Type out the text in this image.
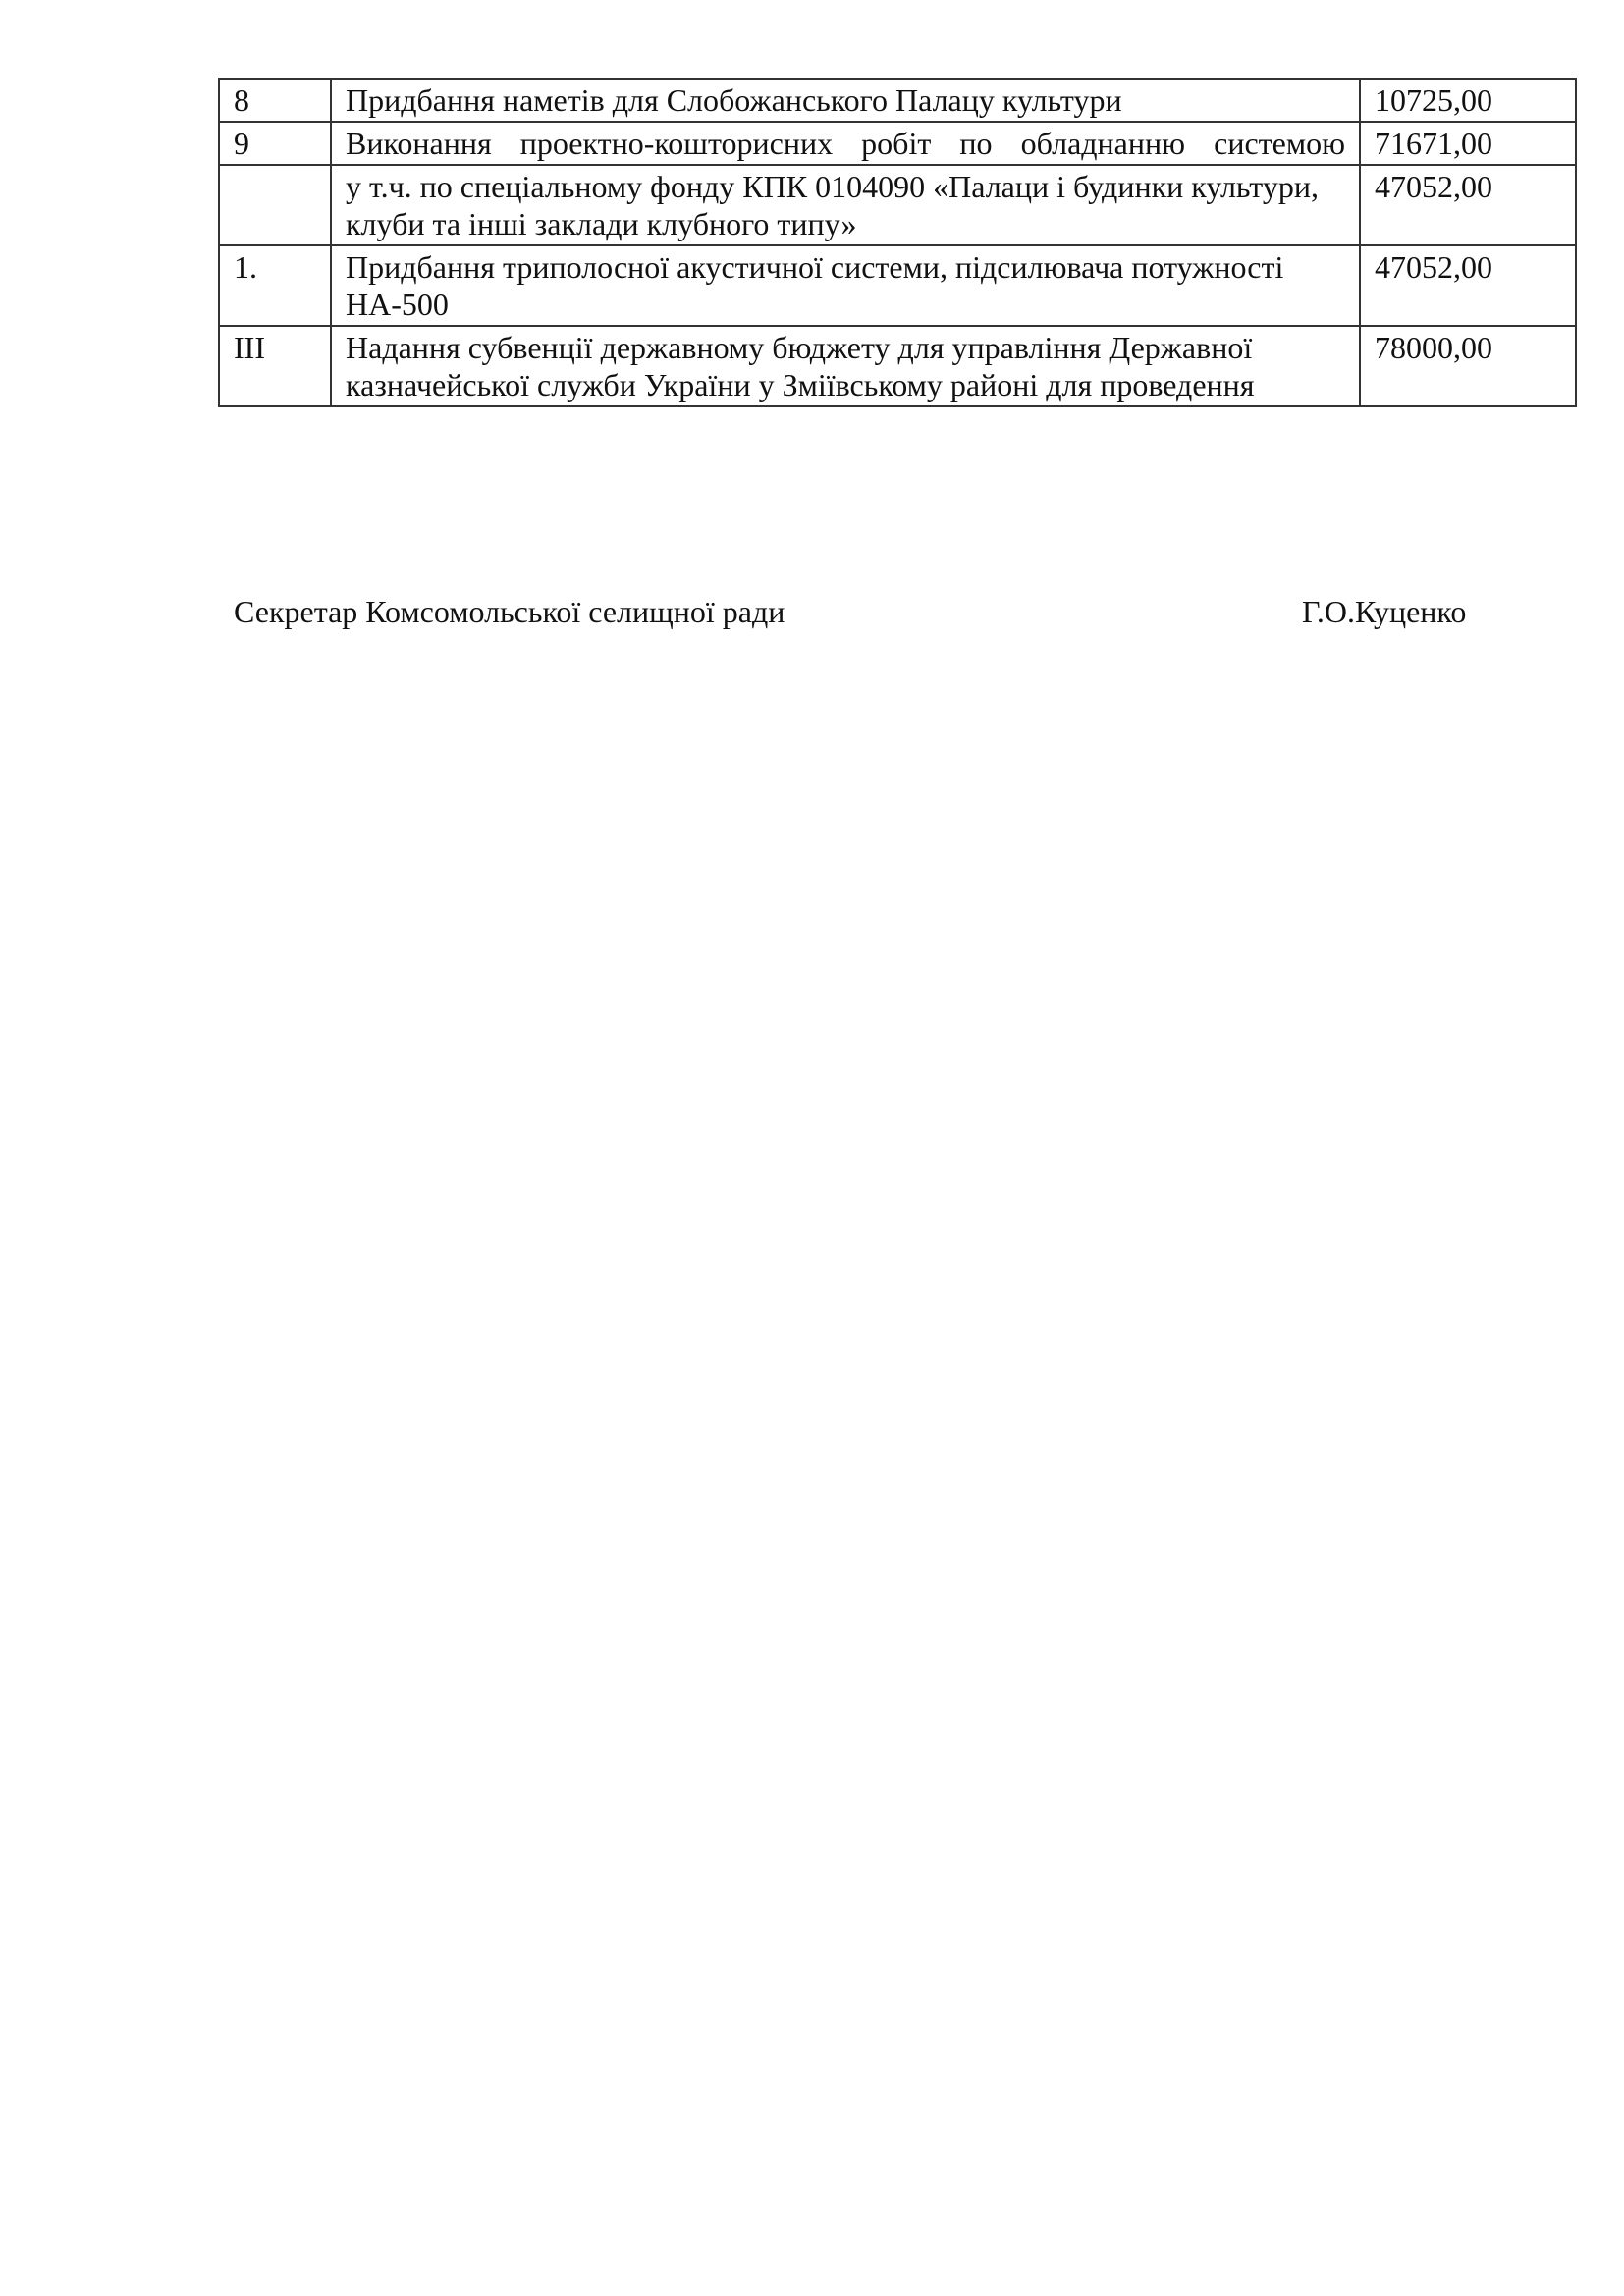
8	Придбання наметів для Слобожанського Палацу культури	10725,00
9	Виконання проектно-кошторисних робіт по обладнанню системою	71671,00

	у т.ч. по спеціальному фонду КПК 0104090 «Палаци і будинки культури, клуби та інші заклади клубного типу»	47052,00
1.	Придбання триполосної акустичної системи, підсилювача потужності НА-500	47052,00
ІІІ	Надання субвенції державному бюджету для управління Державної казначейської служби України у Зміївському районі для проведення	78000,00
Секретар Комсомольської селищної ради	Г.О.Куценко
